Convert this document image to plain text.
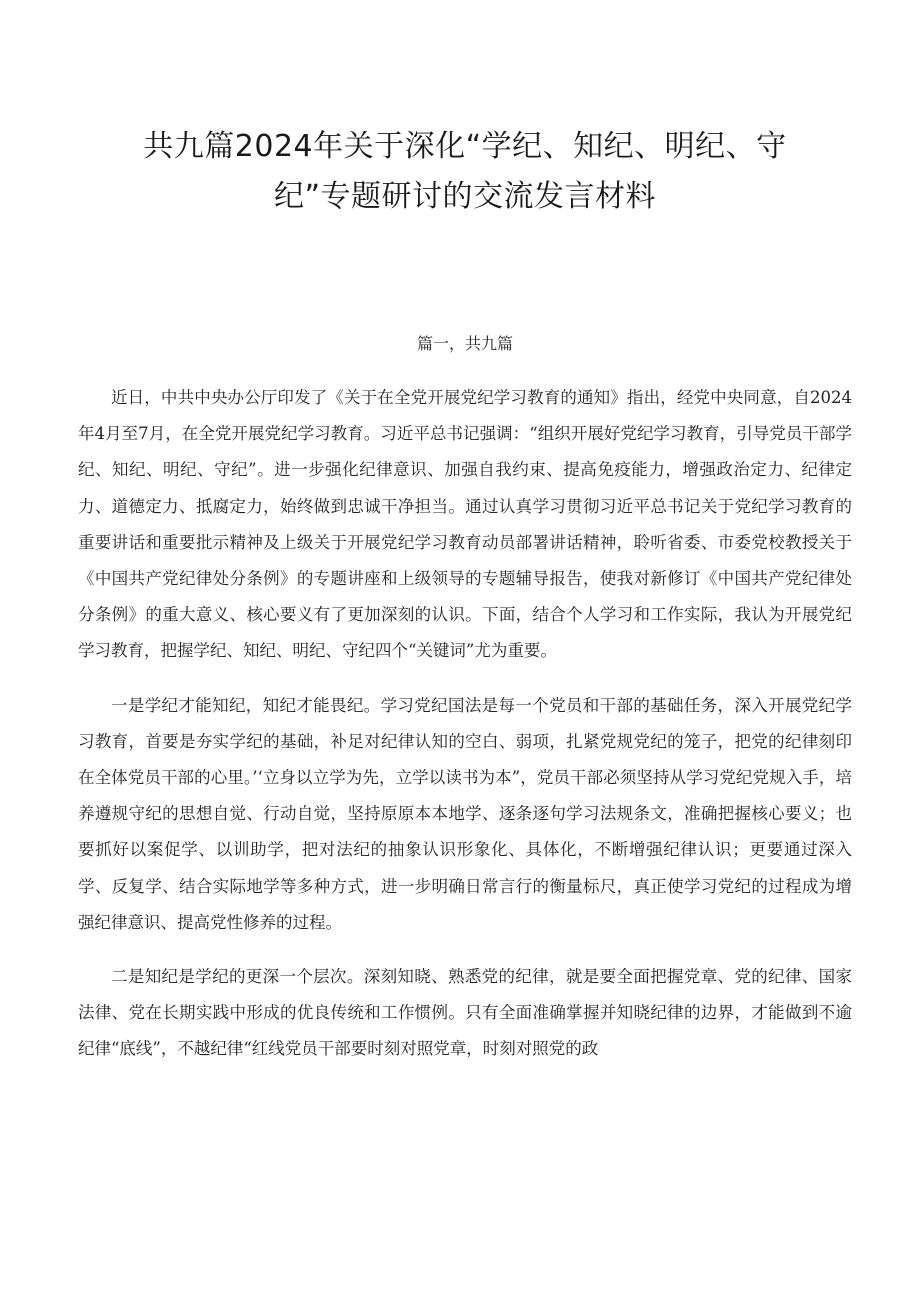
共九篇2024年关于深化“学纪、知纪、明纪、守
纪”专题研讨的交流发言材料
篇一，共九篇

近日，中共中央办公厅印发了《关于在全党开展党纪学习教育的通知》指出，经党中央同意，自2024年4月至7月，在全党开展党纪学习教育。习近平总书记强调：“组织开展好党纪学习教育，引导党员干部学纪、知纪、明纪、守纪”。进一步强化纪律意识、加强自我约束、提高免疫能力，增强政治定力、纪律定力、道德定力、抵腐定力，始终做到忠诚干净担当。通过认真学习贯彻习近平总书记关于党纪学习教育的重要讲话和重要批示精神及上级关于开展党纪学习教育动员部署讲话精神，聆听省委、市委党校教授关于《中国共产党纪律处分条例》的专题讲座和上级领导的专题辅导报告，使我对新修订《中国共产党纪律处分条例》的重大意义、核心要义有了更加深刻的认识。下面，结合个人学习和工作实际，我认为开展党纪学习教育，把握学纪、知纪、明纪、守纪四个“关键词”尤为重要。

一是学纪才能知纪，知纪才能畏纪。学习党纪国法是每一个党员和干部的基础任务，深入开展党纪学习教育，首要是夯实学纪的基础，补足对纪律认知的空白、弱项，扎紧党规党纪的笼子，把党的纪律刻印在全体党员干部的心里。’‘立身以立学为先，立学以读书为本”，党员干部必须坚持从学习党纪党规入手，培养遵规守纪的思想自觉、行动自觉，坚持原原本本地学、逐条逐句学习法规条文，准确把握核心要义；也要抓好以案促学、以训助学，把对法纪的抽象认识形象化、具体化，不断增强纪律认识；更要通过深入学、反复学、结合实际地学等多种方式，进一步明确日常言行的衡量标尺，真正使学习党纪的过程成为增强纪律意识、提高党性修养的过程。

二是知纪是学纪的更深一个层次。深刻知晓、熟悉党的纪律，就是要全面把握党章、党的纪律、国家法律、党在长期实践中形成的优良传统和工作惯例。只有全面准确掌握并知晓纪律的边界，才能做到不逾纪律“底线”，不越纪律“红线党员干部要时刻对照党章，时刻对照党的政
